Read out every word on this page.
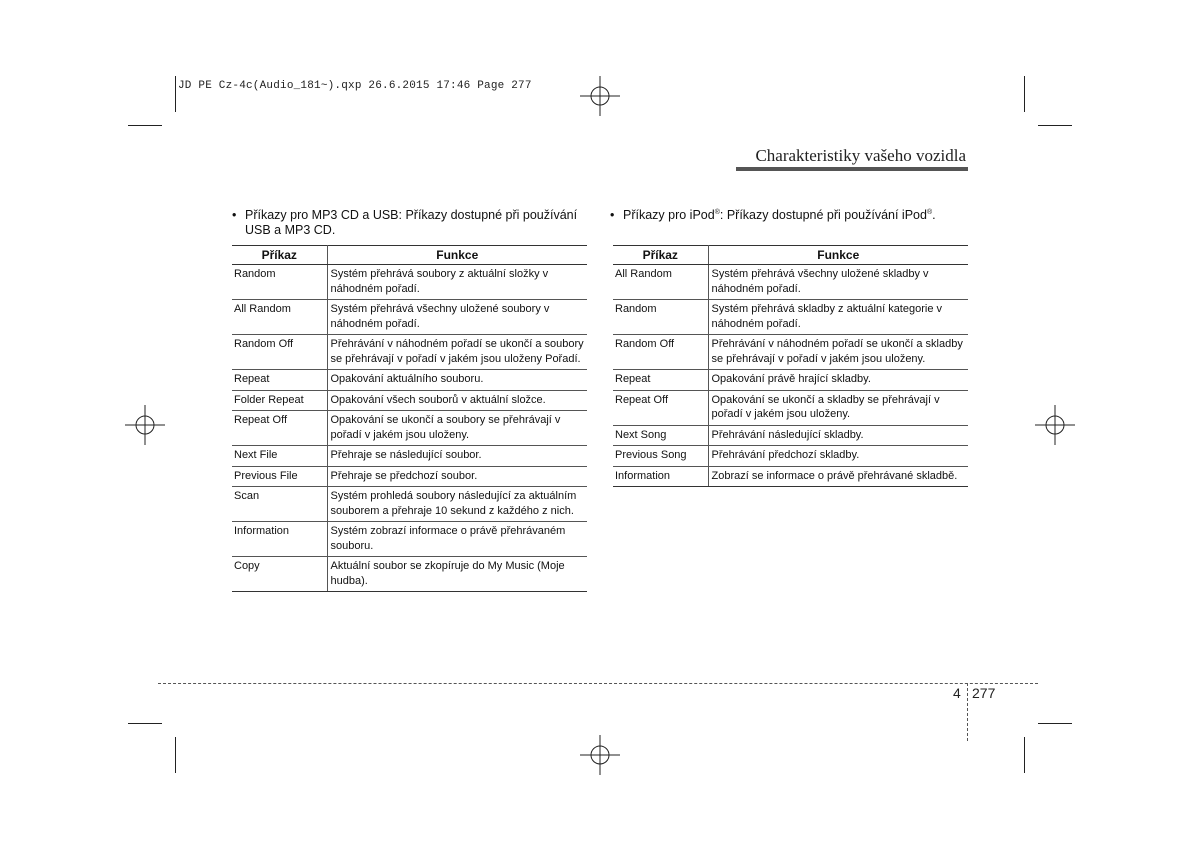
JD PE Cz-4c(Audio_181~).qxp 26.6.2015 17:46 Page 277
Charakteristiky vašeho vozidla
• Příkazy pro MP3 CD a USB: Příkazy dostupné při používání USB a MP3 CD.
Příkaz	Funkce
Random	Systém přehrává soubory z aktuální složky v náhodném pořadí.
All Random	Systém přehrává všechny uložené soubory v náhodném pořadí.
Random Off	Přehrávání v náhodném pořadí se ukončí a soubory se přehrávají v pořadí v jakém jsou uloženy Pořadí.
Repeat	Opakování aktuálního souboru.
Folder Repeat	Opakování všech souborů v aktuální složce.
Repeat Off	Opakování se ukončí a soubory se přehrávají v pořadí v jakém jsou uloženy.
Next File	Přehraje se následující soubor.
Previous File	Přehraje se předchozí soubor.
Scan	Systém prohledá soubory následující za aktuálním souborem a přehraje 10 sekund z každého z nich.
Information	Systém zobrazí informace o právě přehrávaném souboru.
Copy	Aktuální soubor se zkopíruje do My Music (Moje hudba).
• Příkazy pro iPod®: Příkazy dostupné při používání iPod®.
Příkaz	Funkce
All Random	Systém přehrává všechny uložené skladby v náhodném pořadí.
Random	Systém přehrává skladby z aktuální kategorie v náhodném pořadí.
Random Off	Přehrávání v náhodném pořadí se ukončí a skladby se přehrávají v pořadí v jakém jsou uloženy.
Repeat	Opakování právě hrající skladby.
Repeat Off	Opakování se ukončí a skladby se přehrávají v pořadí v jakém jsou uloženy.
Next Song	Přehrávání následující skladby.
Previous Song	Přehrávání předchozí skladby.
Information	Zobrazí se informace o právě přehrávané skladbě.
4 277
